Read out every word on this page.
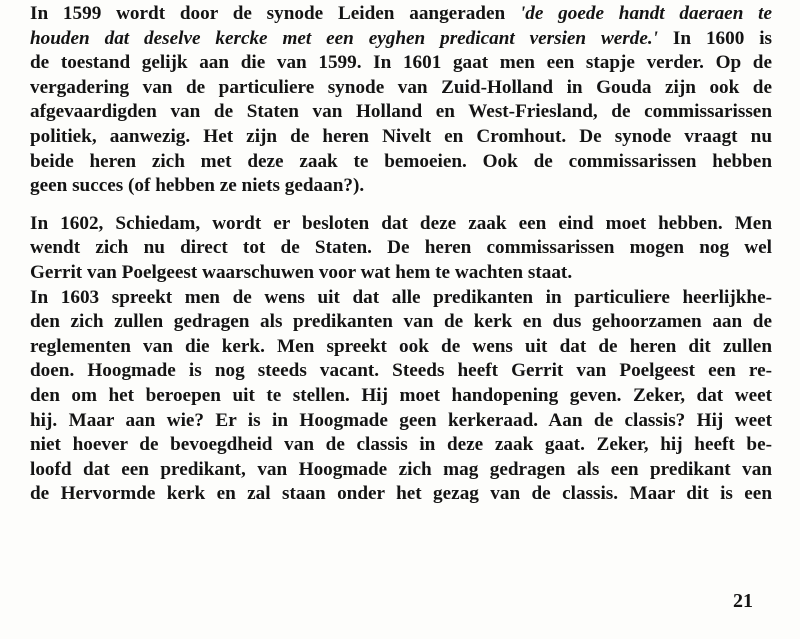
In 1599 wordt door de synode Leiden aangeraden 'de goede handt daeraen te
houden dat deselve kercke met een eyghen predicant versien werde.' In 1600 is
de toestand gelijk aan die van 1599. In 1601 gaat men een stapje verder. Op de
vergadering van de particuliere synode van Zuid-Holland in Gouda zijn ook de
afgevaardigden van de Staten van Holland en West-Friesland, de commissarissen
politiek, aanwezig. Het zijn de heren Nivelt en Cromhout. De synode vraagt nu
beide heren zich met deze zaak te bemoeien. Ook de commissarissen hebben
geen succes (of hebben ze niets gedaan?).
In 1602, Schiedam, wordt er besloten dat deze zaak een eind moet hebben. Men
wendt zich nu direct tot de Staten. De heren commissarissen mogen nog wel
Gerrit van Poelgeest waarschuwen voor wat hem te wachten staat.
In 1603 spreekt men de wens uit dat alle predikanten in particuliere heerlijkhe-
den zich zullen gedragen als predikanten van de kerk en dus gehoorzamen aan de
reglementen van die kerk. Men spreekt ook de wens uit dat de heren dit zullen
doen. Hoogmade is nog steeds vacant. Steeds heeft Gerrit van Poelgeest een re-
den om het beroepen uit te stellen. Hij moet handopening geven. Zeker, dat weet
hij. Maar aan wie? Er is in Hoogmade geen kerkeraad. Aan de classis? Hij weet
niet hoever de bevoegdheid van de classis in deze zaak gaat. Zeker, hij heeft be-
loofd dat een predikant, van Hoogmade zich mag gedragen als een predikant van
de Hervormde kerk en zal staan onder het gezag van de classis. Maar dit is een
21
